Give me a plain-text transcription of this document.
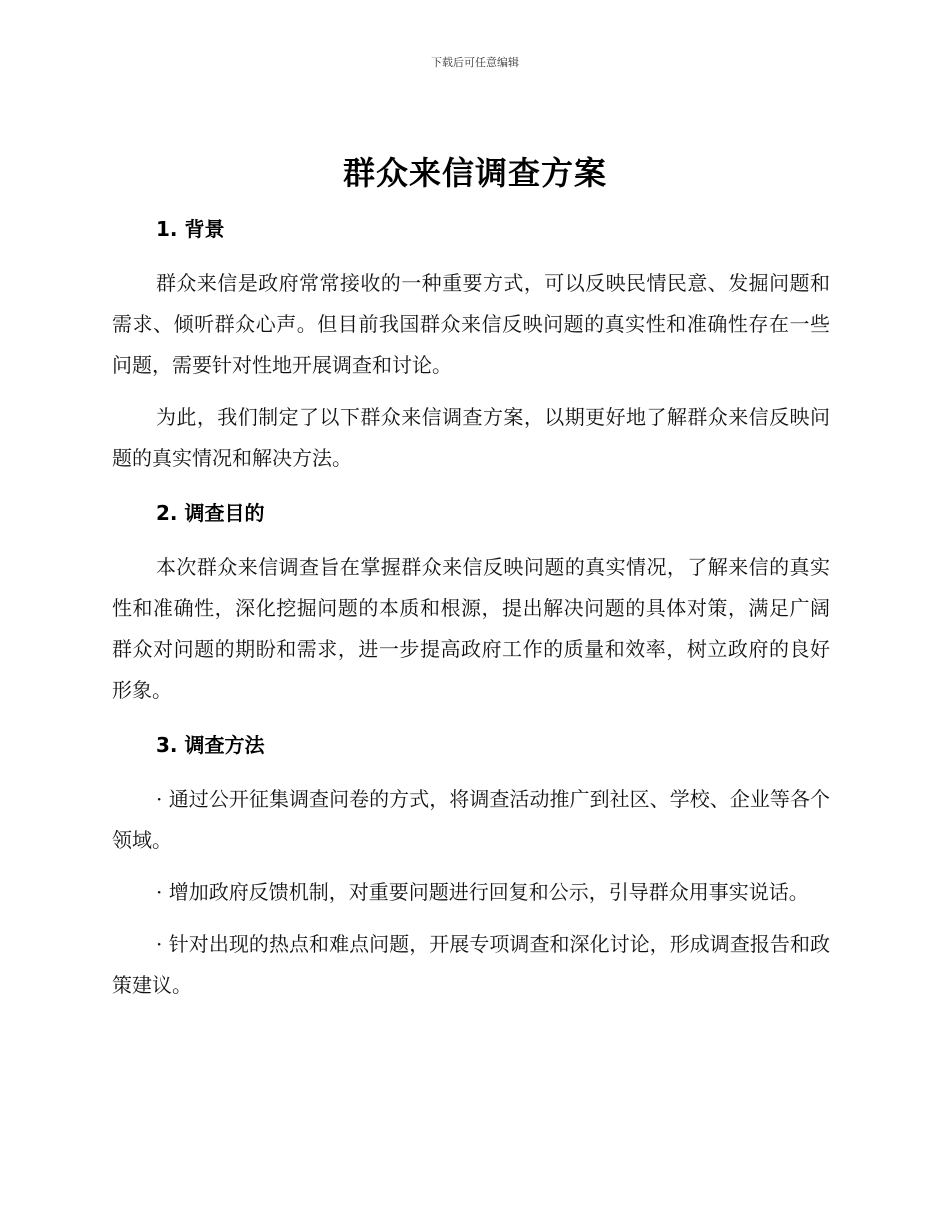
下载后可任意编辑
群众来信调查方案
1. 背景

群众来信是政府常常接收的一种重要方式，可以反映民情民意、发掘问题和需求、倾听群众心声。但目前我国群众来信反映问题的真实性和准确性存在一些问题，需要针对性地开展调查和讨论。

为此，我们制定了以下群众来信调查方案，以期更好地了解群众来信反映问题的真实情况和解决方法。

2. 调查目的

本次群众来信调查旨在掌握群众来信反映问题的真实情况，了解来信的真实性和准确性，深化挖掘问题的本质和根源，提出解决问题的具体对策，满足广阔群众对问题的期盼和需求，进一步提高政府工作的质量和效率，树立政府的良好形象。

3. 调查方法

· 通过公开征集调查问卷的方式，将调查活动推广到社区、学校、企业等各个领域。

· 增加政府反馈机制，对重要问题进行回复和公示，引导群众用事实说话。

· 针对出现的热点和难点问题，开展专项调查和深化讨论，形成调查报告和政策建议。
